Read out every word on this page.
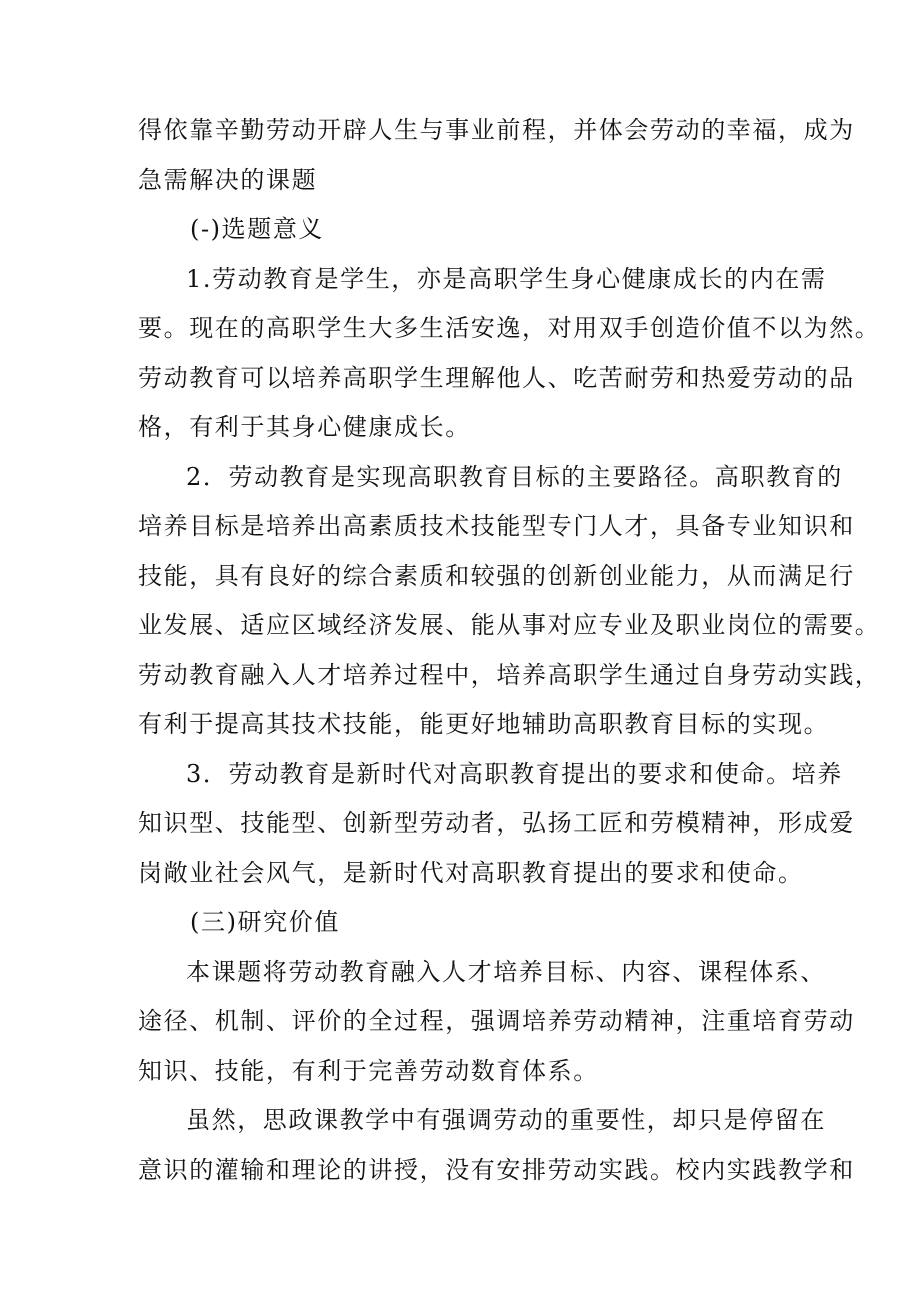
得依靠辛勤劳动开辟人生与事业前程，并体会劳动的幸福，成为
急需解决的课题
(-)选题意义
1.劳动教育是学生，亦是高职学生身心健康成长的内在需
要。现在的高职学生大多生活安逸，对用双手创造价值不以为然。
劳动教育可以培养高职学生理解他人、吃苦耐劳和热爱劳动的品
格，有利于其身心健康成长。
2．劳动教育是实现高职教育目标的主要路径。高职教育的
培养目标是培养出高素质技术技能型专门人才，具备专业知识和
技能，具有良好的综合素质和较强的创新创业能力，从而满足行
业发展、适应区域经济发展、能从事对应专业及职业岗位的需要。
劳动教育融入人才培养过程中，培养高职学生通过自身劳动实践，
有利于提高其技术技能，能更好地辅助高职教育目标的实现。
3．劳动教育是新时代对高职教育提出的要求和使命。培养
知识型、技能型、创新型劳动者，弘扬工匠和劳模精神，形成爱
岗敞业社会风气，是新时代对高职教育提出的要求和使命。
(三)研究价值
本课题将劳动教育融入人才培养目标、内容、课程体系、
途径、机制、评价的全过程，强调培养劳动精神，注重培育劳动
知识、技能，有利于完善劳动数育体系。
虽然，思政课教学中有强调劳动的重要性，却只是停留在
意识的灌输和理论的讲授，没有安排劳动实践。校内实践教学和
